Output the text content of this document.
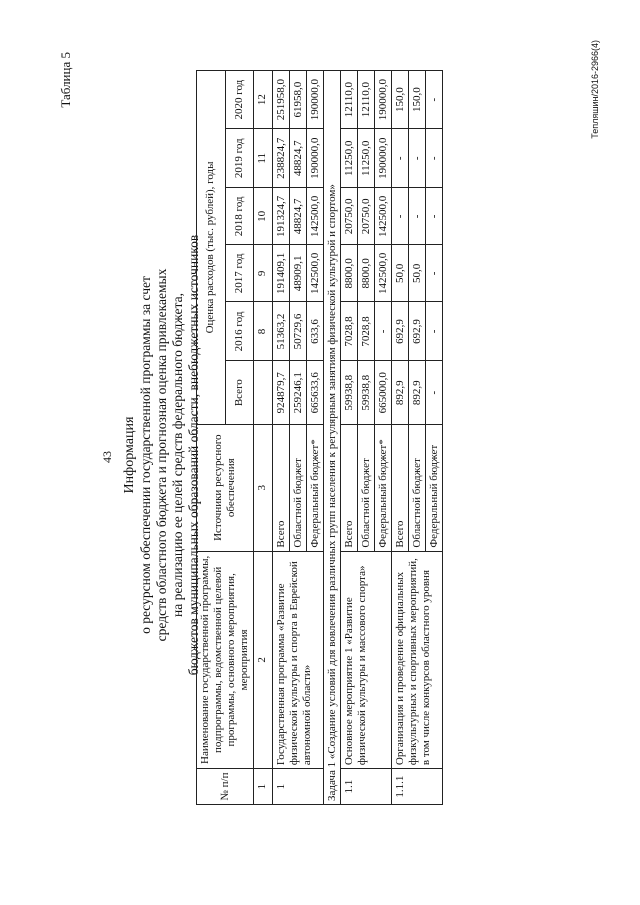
43
Таблица 5
Информация о ресурсном обеспечении государственной программы за счет средств областного бюджета и прогнозная оценка привлекаемых на реализацию ее целей средств федерального бюджета, бюджетов муниципальных образований области, внебюджетных источников
№ п/п	Наименование государственной программы, подпрограммы, ведомственной целевой программы, основного мероприятия, мероприятия	Источники ресурсного обеспечения	Оценка расходов (тыс. рублей), годы					
			Всего	2016 год	2017 год	2018 год	2019 год	2020 год
1	2	3		8	9	10	11	12
1	Государственная программа «Развитие физической культуры и спорта в Еврейской автономной области»	Всего	924879,7	51363,2	191409,1	191324,7	238824,7	251958,0
		Областной бюджет	259246,1	50729,6	48909,1	48824,7	48824,7	61958,0
		Федеральный бюджет*	665633,6	633,6	142500,0	142500,0	190000,0	190000,0
Задача 1 «Создание условий для вовлечения различных групп населения к регулярным занятиям физической культурой и спортом»								
1.1	Основное мероприятие 1 «Развитие физической культуры и массового спорта»	Всего	59938,8	7028,8	8800,0	20750,0	11250,0	12110,0
		Областной бюджет	59938,8	7028,8	8800,0	20750,0	11250,0	12110,0
		Федеральный бюджет*	665000,0	-	142500,0	142500,0	190000,0	190000,0
1.1.1	Организация и проведение официальных физкультурных и спортивных мероприятий, в том числе конкурсов областного уровня	Всего	892,9	692,9	50,0	-	-	150,0
		Областной бюджет	892,9	692,9	50,0	-	-	150,0
		Федеральный бюджет	-	-	-	-	-	-	Тепляшин/2016-2966(4)
